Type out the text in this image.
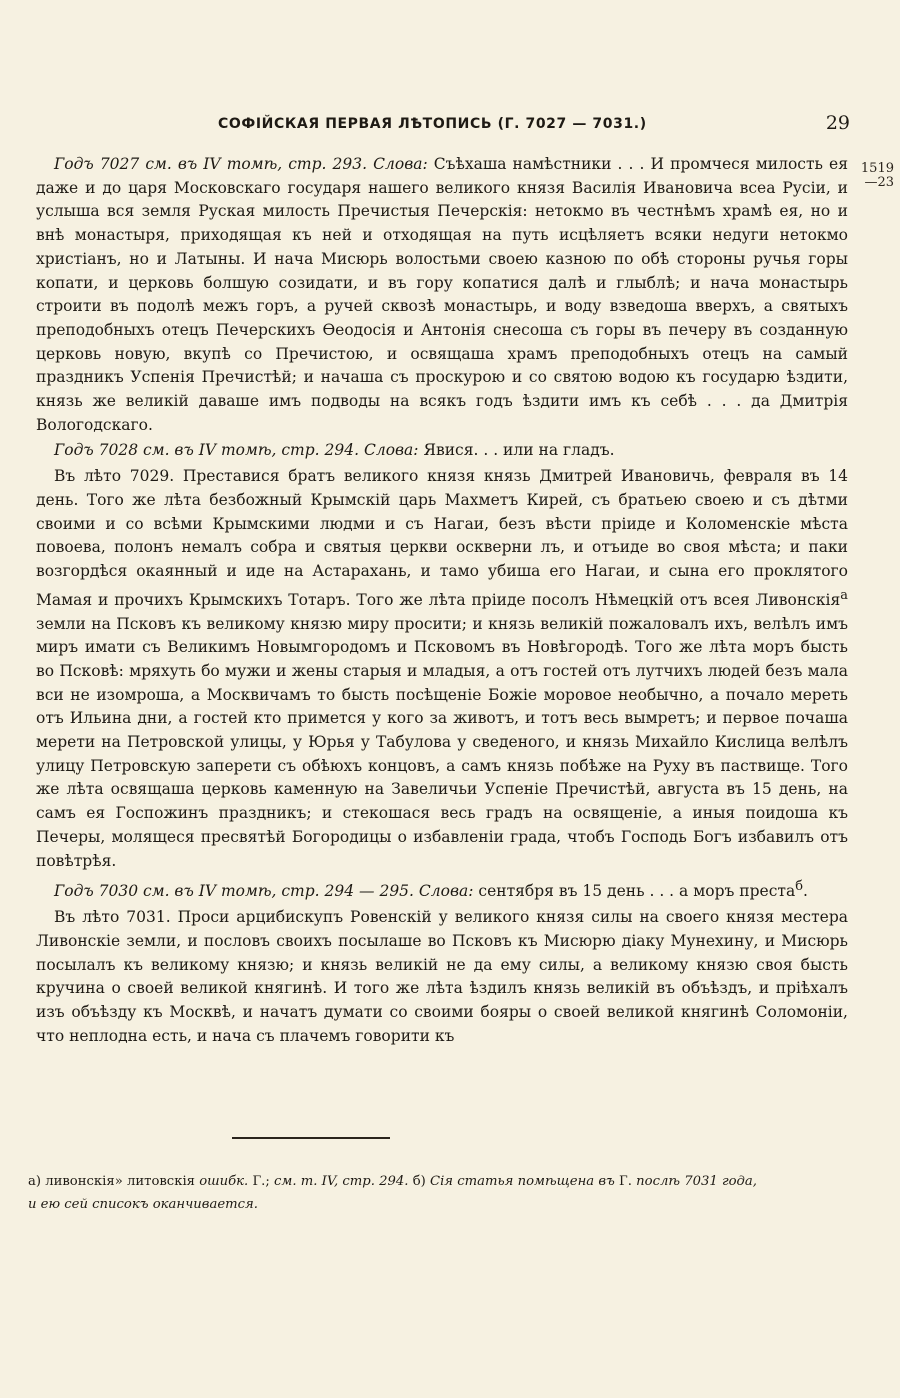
СОФІЙСКАЯ ПЕРВАЯ ЛѢТОПИСЬ (Г. 7027 — 7031.)	29
1519
—23

Годъ 7027 см. въ IV томѣ, стр. 293. Слова: Съѣхаша намѣстники . . . И промчеся милость ея даже и до царя Московскаго государя нашего великого князя Василія Ивановича всеа Русіи, и услыша вся земля Руская милость Пречистыя Печерскія: нетокмо въ честнѣмъ храмѣ ея, но и внѣ монастыря, приходящая къ ней и отходящая на путь исцѣляетъ всяки недуги нетокмо христіанъ, но и Латыны. И нача Мисюрь волостьми своею казною по обѣ стороны ручья горы копати, и церковь болшую созидати, и въ гору копатися далѣ и глыблѣ; и нача монастырь строити въ подолѣ межъ горъ, а ручей сквозѣ монастырь, и воду взведоша вверхъ, а святыхъ преподобныхъ отецъ Печерскихъ Ѳеодосія и Антонія снесоша съ горы въ печеру въ созданную церковь новую, вкупѣ со Пречистою, и освящаша храмъ преподобныхъ отецъ на самый праздникъ Успенія Пречистѣй; и начаша съ проскурою и со святою водою къ государю ѣздити, князь же великій даваше имъ подводы на всякъ годъ ѣздити имъ къ себѣ . . . да Дмитрія Вологодскаго.

Годъ 7028 см. въ IV томѣ, стр. 294. Слова: Явися. . . или на гладъ.

Въ лѣто 7029. Преставися братъ великого князя князь Дмитрей Ивановичь, февраля въ 14 день. Того же лѣта безбожный Крымскій царь Махметъ Кирей, съ братьею своею и съ дѣтми своими и со всѣми Крымскими людми и съ Нагаи, безъ вѣсти пріиде и Коломенскіе мѣста повоева, полонъ немалъ собра и святыя церкви оскверни лъ, и отъиде во своя мѣста; и паки возгордѣся окаянный и иде на Астарахань, и тамо убиша его Нагаи, и сына его проклятого Мамая и прочихъ Крымскихъ Тотаръ. Того же лѣта пріиде посолъ Нѣмецкій отъ всея Ливонскія$^а$ земли на Псковъ къ великому князю миру просити; и князь великій пожаловалъ ихъ, велѣлъ имъ миръ имати съ Великимъ Новымгородомъ и Псковомъ въ Новѣгородѣ. Того же лѣта моръ бысть во Псковѣ: мряхуть бо мужи и жены старыя и младыя, а отъ гостей отъ лутчихъ людей безъ мала вси не изомроша, а Москвичамъ то бысть посѣщеніе Божіе моровое необычно, а почало мереть отъ Ильина дни, а гостей кто примется у кого за животъ, и тотъ весь вымретъ; и первое почаша мерети на Петровской улицы, у Юрья у Табулова у сведеного, и князь Михайло Кислица велѣлъ улицу Петровскую заперети съ обѣюхъ концовъ, а самъ князь побѣже на Руху въ паствище. Того же лѣта освящаша церковь каменную на Завеличьи Успеніе Пречистѣй, августа въ 15 день, на самъ ея Госпожинъ праздникъ; и стекошася весь градъ на освященіе, а иныя поидоша къ Печеры, молящеся пресвятѣй Богородицы о избавленіи града, чтобъ Господь Богъ избавилъ отъ повѣтрѣя.

Годъ 7030 см. въ IV томѣ, стр. 294 — 295. Слова: сентября въ 15 день . . . а моръ преста$^б$.

Въ лѣто 7031. Проси арцибискупъ Ровенскій у великого князя силы на своего князя местера Ливонскіе земли, и пословъ своихъ посылаше во Псковъ къ Мисюрю діаку Мунехину, и Мисюрь посылалъ къ великому князю; и князь великій не да ему силы, а великому князю своя бысть кручина о своей великой княгинѣ. И того же лѣта ѣздилъ князь великій въ объѣздъ, и пріѣхалъ изъ объѣзду къ Москвѣ, и начатъ думати со своими бояры о своей великой княгинѣ Соломоніи, что неплодна есть, и нача съ плачемъ говорити къ

а) ливонскія» литовскія ошибк. Г.; см. т. IV, стр. 294. б) Сія статья помѣщена въ Г. послѣ 7031 года,

и ею сей списокъ оканчивается.
